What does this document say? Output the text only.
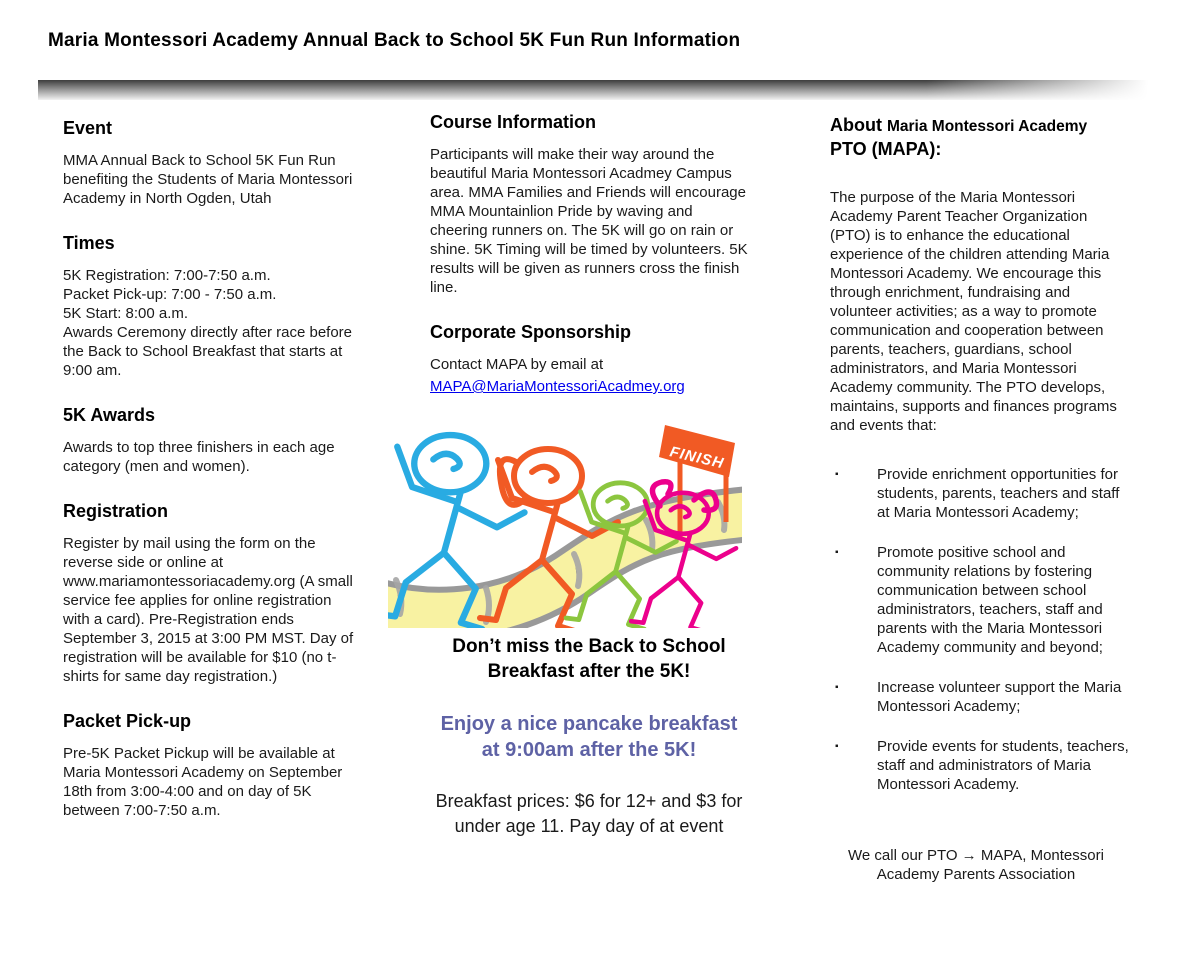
Maria Montessori Academy Annual Back to School 5K Fun Run Information
Event

MMA Annual Back to School 5K Fun Run benefiting the Students of Maria Montessori Academy in North Ogden, Utah

Times
5K Registration: 7:00-7:50 a.m.
Packet Pick-up: 7:00 - 7:50 a.m.
5K Start: 8:00 a.m.
Awards Ceremony directly after race before the Back to School Breakfast that starts at 9:00 am.
5K Awards

Awards to top three finishers in each age category (men and women).

Registration

Register by mail using the form on the reverse side or online at www.mariamontessoriacademy.org (A small service fee applies for online registration with a card). Pre-Registration ends September 3, 2015 at 3:00 PM MST. Day of registration will be available for $10 (no t-shirts for same day registration.)

Packet Pick-up

Pre-5K Packet Pickup will be available at Maria Montessori Academy on September 18th from 3:00-4:00 and on day of 5K between 7:00-7:50 a.m.

Course Information

Participants will make their way around the beautiful Maria Montessori Acadmey Campus area. MMA Families and Friends will encourage MMA Mountainlion Pride by waving and cheering runners on. The 5K will go on rain or shine. 5K Timing will be timed by volunteers. 5K results will be given as runners cross the finish line.

Corporate Sponsorship
Contact MAPA by email at
MAPA@MariaMontessoriAcadmey.org
FINISH
Don’t miss the Back to School Breakfast after the 5K!
Enjoy a nice pancake breakfast at 9:00am after the 5K!
Breakfast prices: $6 for 12+ and $3 for under age 11. Pay day of at event
About Maria Montessori Academy
PTO (MAPA):

The purpose of the Maria Montessori Academy Parent Teacher Organization (PTO) is to enhance the educational experience of the children attending Maria Montessori Academy. We encourage this through enrichment, fundraising and volunteer activities; as a way to promote communication and cooperation between parents, teachers, guardians, school administrators, and Maria Montessori Academy community. The PTO develops, maintains, supports and finances programs and events that:

▪	Provide enrichment opportunities for students, parents, teachers and staff at Maria Montessori Academy;
▪	Promote positive school and community relations by fostering communication between school administrators, teachers, staff and parents with the Maria Montessori Academy community and beyond;
▪	Increase volunteer support the Maria Montessori Academy;
▪	Provide events for students, teachers, staff and administrators of Maria Montessori Academy.
We call our PTO → MAPA, Montessori Academy Parents Association
